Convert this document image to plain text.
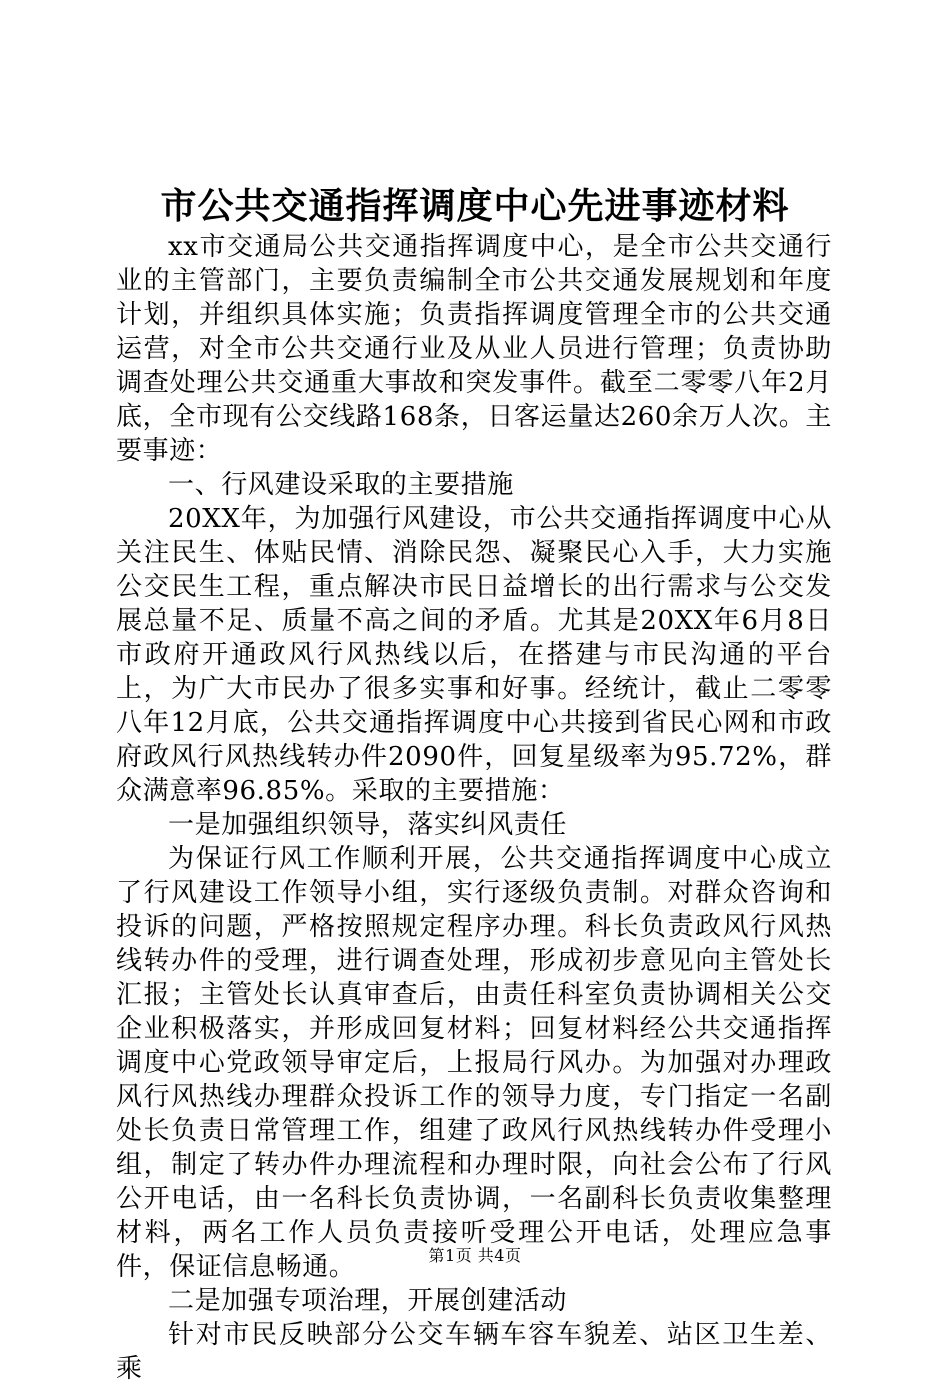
市公共交通指挥调度中心先进事迹材料

xx市交通局公共交通指挥调度中心，是全市公共交通行业的主管部门，主要负责编制全市公共交通发展规划和年度计划，并组织具体实施；负责指挥调度管理全市的公共交通运营，对全市公共交通行业及从业人员进行管理；负责协助调查处理公共交通重大事故和突发事件。截至二零零八年2月底，全市现有公交线路168条，日客运量达260余万人次。主要事迹：

一、行风建设采取的主要措施

20XX年，为加强行风建设，市公共交通指挥调度中心从关注民生、体贴民情、消除民怨、凝聚民心入手，大力实施公交民生工程，重点解决市民日益增长的出行需求与公交发展总量不足、质量不高之间的矛盾。尤其是20XX年6月8日市政府开通政风行风热线以后，在搭建与市民沟通的平台上，为广大市民办了很多实事和好事。经统计，截止二零零八年12月底，公共交通指挥调度中心共接到省民心网和市政府政风行风热线转办件2090件，回复星级率为95.72%，群众满意率96.85%。采取的主要措施：

一是加强组织领导，落实纠风责任

为保证行风工作顺利开展，公共交通指挥调度中心成立了行风建设工作领导小组，实行逐级负责制。对群众咨询和投诉的问题，严格按照规定程序办理。科长负责政风行风热线转办件的受理，进行调查处理，形成初步意见向主管处长汇报；主管处长认真审查后，由责任科室负责协调相关公交企业积极落实，并形成回复材料；回复材料经公共交通指挥调度中心党政领导审定后，上报局行风办。为加强对办理政风行风热线办理群众投诉工作的领导力度，专门指定一名副处长负责日常管理工作，组建了政风行风热线转办件受理小组，制定了转办件办理流程和办理时限，向社会公布了行风公开电话，由一名科长负责协调，一名副科长负责收集整理材料，两名工作人员负责接听受理公开电话，处理应急事件，保证信息畅通。

二是加强专项治理，开展创建活动

针对市民反映部分公交车辆车容车貌差、站区卫生差、乘

第1页 共4页
